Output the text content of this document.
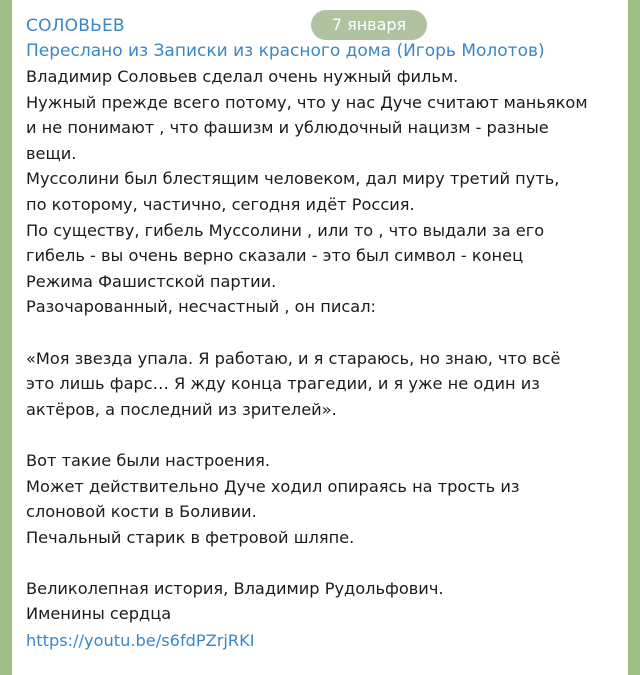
СОЛОВЬЕВ
Переслано из Записки из красного дома (Игорь Молотов)
Владимир Соловьев сделал очень нужный фильм.
Нужный прежде всего потому, что у нас Дуче считают маньяком
и не понимают , что фашизм и ублюдочный нацизм - разные
вещи.
Муссолини был блестящим человеком, дал миру третий путь,
по которому, частично, сегодня идёт Россия.
По существу, гибель Муссолини , или то , что выдали за его
гибель - вы очень верно сказали - это был символ - конец
Режима Фашистской партии.
Разочарованный, несчастный , он писал:
«Моя звезда упала. Я работаю, и я стараюсь, но знаю, что всё
это лишь фарс… Я жду конца трагедии, и я уже не один из
актёров, а последний из зрителей».
Вот такие были настроения.
Может действительно Дуче ходил опираясь на трость из
слоновой кости в Боливии.
Печальный старик в фетровой шляпе.
Великолепная история, Владимир Рудольфович.
Именины сердца
https://youtu.be/s6fdPZrjRKI
7 января
